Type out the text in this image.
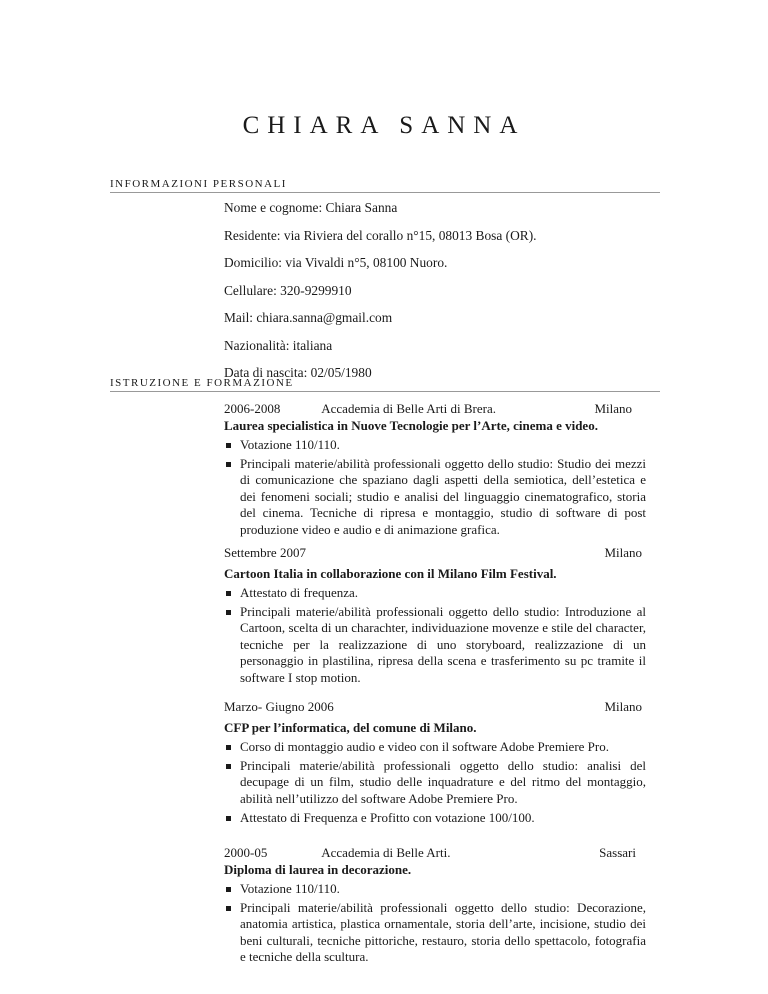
CHIARA SANNA
INFORMAZIONI PERSONALI

Nome e cognome: Chiara Sanna

Residente: via Riviera del corallo n°15, 08013 Bosa (OR).

Domicilio: via Vivaldi n°5, 08100 Nuoro.

Cellulare: 320-9299910

Mail: chiara.sanna@gmail.com

Nazionalità: italiana

Data di nascita: 02/05/1980

ISTRUZIONE E FORMAZIONE
2006-2008	Accademia di Belle Arti di Brera.	Milano
Laurea specialistica in Nuove Tecnologie per l’Arte, cinema e video.
Votazione 110/110.
Principali materie/abilità professionali oggetto dello studio: Studio dei mezzi di comunicazione che spaziano dagli aspetti della semiotica, dell’estetica e dei fenomeni sociali; studio e analisi del linguaggio cinematografico, storia del cinema. Tecniche di ripresa e montaggio, studio di software di post produzione video e audio e di animazione grafica.
Settembre 2007	Milano
Cartoon Italia in collaborazione con il Milano Film Festival.
Attestato di frequenza.
Principali materie/abilità professionali oggetto dello studio: Introduzione al Cartoon, scelta di un charachter, individuazione movenze e stile del character, tecniche per la realizzazione di uno storyboard, realizzazione di un personaggio in plastilina, ripresa della scena e trasferimento su pc tramite il software I stop motion.
Marzo- Giugno 2006	Milano
CFP per l’informatica, del comune di Milano.
Corso di montaggio audio e video con il software Adobe Premiere Pro.
Principali materie/abilità professionali oggetto dello studio: analisi del decupage di un film, studio delle inquadrature e del ritmo del montaggio, abilità nell’utilizzo del software Adobe Premiere Pro.
Attestato di Frequenza e Profitto con votazione 100/100.
2000-05	Accademia di Belle Arti.	Sassari
Diploma di laurea in decorazione.
Votazione 110/110.
Principali materie/abilità professionali oggetto dello studio: Decorazione, anatomia artistica, plastica ornamentale, storia dell’arte, incisione, studio dei beni culturali, tecniche pittoriche, restauro, storia dello spettacolo, fotografia e tecniche della scultura.
